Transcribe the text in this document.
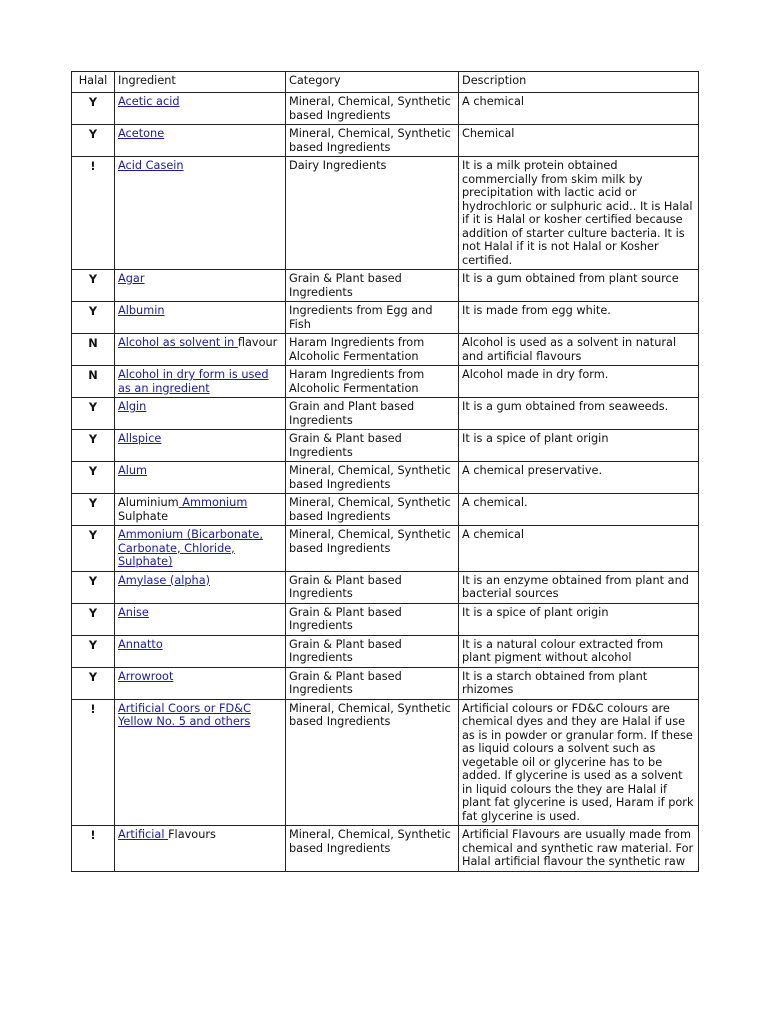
Halal	Ingredient	Category	Description
Y	Acetic acid	Mineral, Chemical, Synthetic based Ingredients	A chemical
Y	Acetone	Mineral, Chemical, Synthetic based Ingredients	Chemical
!	Acid Casein	Dairy Ingredients	It is a milk protein obtained commercially from skim milk by precipitation with lactic acid or hydrochloric or sulphuric acid.. It is Halal if it is Halal or kosher certified because addition of starter culture bacteria. It is not Halal if it is not Halal or Kosher certified.
Y	Agar	Grain & Plant based Ingredients	It is a gum obtained from plant source
Y	Albumin	Ingredients from Egg and Fish	It is made from egg white.
N	Alcohol as solvent in flavour	Haram Ingredients from Alcoholic Fermentation	Alcohol is used as a solvent in natural and artificial flavours
N	Alcohol in dry form is used as an ingredient	Haram Ingredients from Alcoholic Fermentation	Alcohol made in dry form.
Y	Algin	Grain and Plant based Ingredients	It is a gum obtained from seaweeds.
Y	Allspice	Grain & Plant based Ingredients	It is a spice of plant origin
Y	Alum	Mineral, Chemical, Synthetic based Ingredients	A chemical preservative.
Y	Aluminium Ammonium Sulphate	Mineral, Chemical, Synthetic based Ingredients	A chemical.
Y	Ammonium (Bicarbonate, Carbonate, Chloride, Sulphate)	Mineral, Chemical, Synthetic based Ingredients	A chemical
Y	Amylase (alpha)	Grain & Plant based Ingredients	It is an enzyme obtained from plant and bacterial sources
Y	Anise	Grain & Plant based Ingredients	It is a spice of plant origin
Y	Annatto	Grain & Plant based Ingredients	It is a natural colour extracted from plant pigment without alcohol
Y	Arrowroot	Grain & Plant based Ingredients	It is a starch obtained from plant rhizomes
!	Artificial Coors or FD&C Yellow No. 5 and others	Mineral, Chemical, Synthetic based Ingredients	Artificial colours or FD&C colours are chemical dyes and they are Halal if use as is in powder or granular form. If these as liquid colours a solvent such as vegetable oil or glycerine has to be added. If glycerine is used as a solvent in liquid colours the they are Halal if plant fat glycerine is used, Haram if pork fat glycerine is used.
!	Artificial Flavours	Mineral, Chemical, Synthetic based Ingredients	Artificial Flavours are usually made from chemical and synthetic raw material. For Halal artificial flavour the synthetic raw
